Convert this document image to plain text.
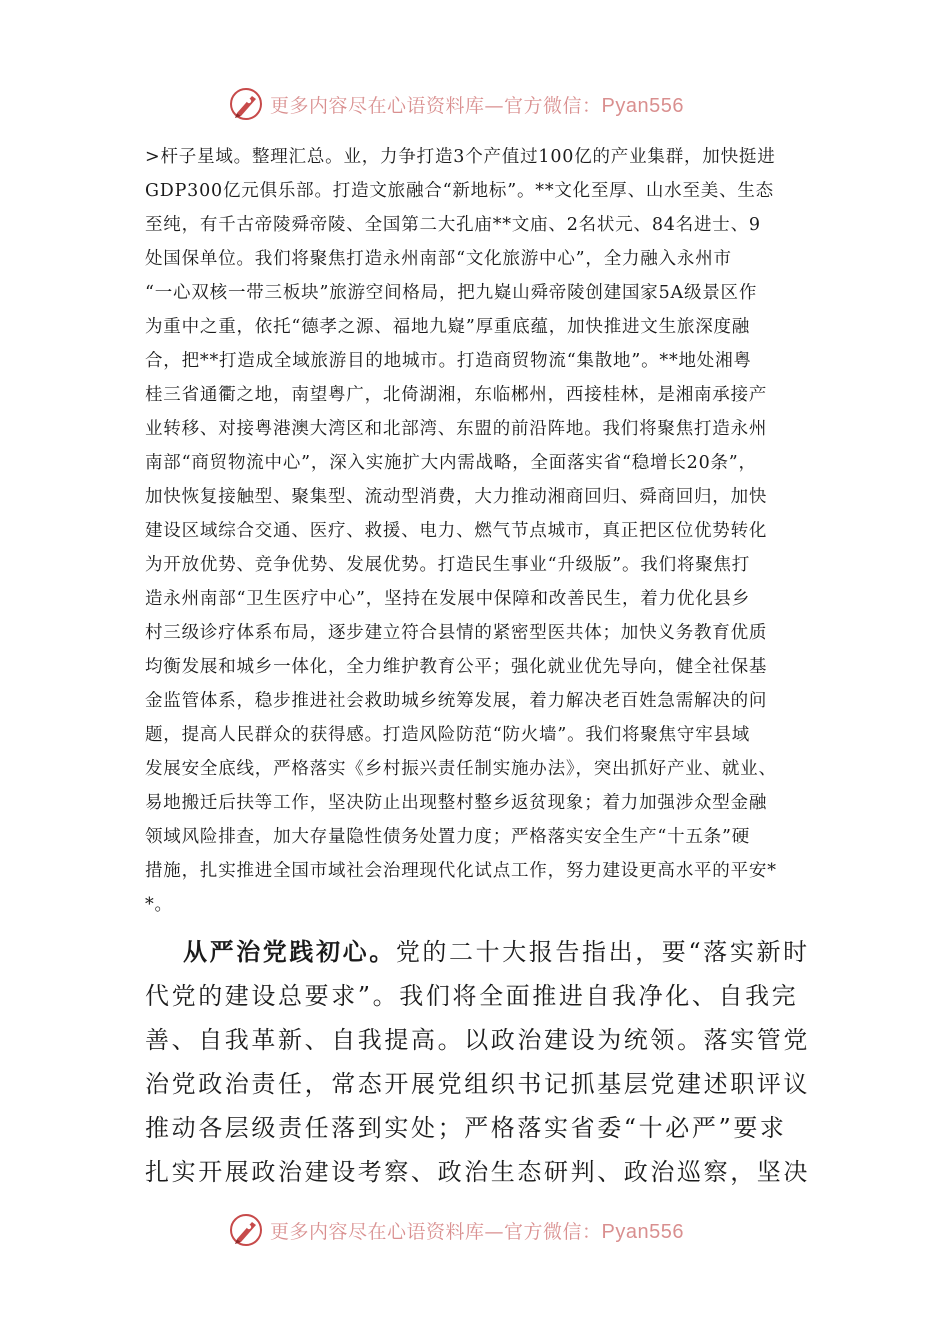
更多内容尽在心语资料库—官方微信：Pyan556
>杆子星域。整理汇总。业，力争打造3个产值过100亿的产业集群，加快挺进
GDP300亿元俱乐部。打造文旅融合“新地标”。**文化至厚、山水至美、生态
至纯，有千古帝陵舜帝陵、全国第二大孔庙**文庙、2名状元、84名进士、9
处国保单位。我们将聚焦打造永州南部“文化旅游中心”，全力融入永州市
“一心双核一带三板块”旅游空间格局，把九嶷山舜帝陵创建国家5A级景区作
为重中之重，依托“德孝之源、福地九嶷”厚重底蕴，加快推进文生旅深度融
合，把**打造成全域旅游目的地城市。打造商贸物流“集散地”。**地处湘粤
桂三省通衢之地，南望粤广，北倚湖湘，东临郴州，西接桂林，是湘南承接产
业转移、对接粤港澳大湾区和北部湾、东盟的前沿阵地。我们将聚焦打造永州
南部“商贸物流中心”，深入实施扩大内需战略，全面落实省“稳增长20条”，
加快恢复接触型、聚集型、流动型消费，大力推动湘商回归、舜商回归，加快
建设区域综合交通、医疗、救援、电力、燃气节点城市，真正把区位优势转化
为开放优势、竞争优势、发展优势。打造民生事业“升级版”。我们将聚焦打
造永州南部“卫生医疗中心”，坚持在发展中保障和改善民生，着力优化县乡
村三级诊疗体系布局，逐步建立符合县情的紧密型医共体；加快义务教育优质
均衡发展和城乡一体化，全力维护教育公平；强化就业优先导向，健全社保基
金监管体系，稳步推进社会救助城乡统筹发展，着力解决老百姓急需解决的问
题，提高人民群众的获得感。打造风险防范“防火墙”。我们将聚焦守牢县域
发展安全底线，严格落实《乡村振兴责任制实施办法》，突出抓好产业、就业、
易地搬迁后扶等工作，坚决防止出现整村整乡返贫现象；着力加强涉众型金融
领域风险排查，加大存量隐性债务处置力度；严格落实安全生产“十五条”硬
措施，扎实推进全国市域社会治理现代化试点工作，努力建设更高水平的平安*
*。
从严治党践初心。党的二十大报告指出，要“落实新时
代党的建设总要求”。我们将全面推进自我净化、自我完
善、自我革新、自我提高。以政治建设为统领。落实管党
治党政治责任，常态开展党组织书记抓基层党建述职评议
推动各层级责任落到实处；严格落实省委“十必严”要求
扎实开展政治建设考察、政治生态研判、政治巡察，坚决
更多内容尽在心语资料库—官方微信：Pyan556
